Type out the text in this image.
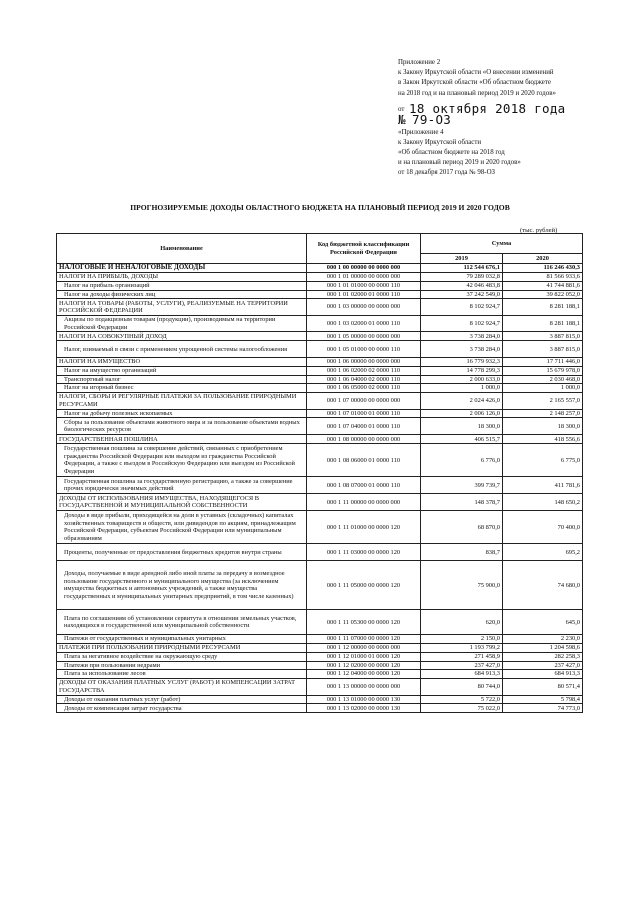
Приложение 2
к Закону Иркутской области «О внесении изменений
в Закон Иркутской области «Об областном бюджете
на 2018 год и на плановый период 2019 и 2020 годов»
от 18 октября 2018 года
№ 79-ОЗ
«Приложение 4
к Закону Иркутской области
«Об областном бюджете на 2018 год
и на плановый период 2019 и 2020 годов»
от 18 декабря 2017 года № 98-ОЗ
ПРОГНОЗИРУЕМЫЕ ДОХОДЫ ОБЛАСТНОГО БЮДЖЕТА НА ПЛАНОВЫЙ ПЕРИОД 2019 И 2020 ГОДОВ
(тыс. рублей)
Наименование	Код бюджетной классификации Российской Федерации	Сумма	
		2019	2020
НАЛОГОВЫЕ И НЕНАЛОГОВЫЕ ДОХОДЫ	000 1 00 00000 00 0000 000	112 544 676,1	116 246 430,3
НАЛОГИ НА ПРИБЫЛЬ, ДОХОДЫ	000 1 01 00000 00 0000 000	79 289 032,8	81 566 933,6
Налог на прибыль организаций	000 1 01 01000 00 0000 110	42 046 483,8	41 744 881,6
Налог на доходы физических лиц	000 1 01 02000 01 0000 110	37 242 549,0	39 822 052,0
НАЛОГИ НА ТОВАРЫ (РАБОТЫ, УСЛУГИ), РЕАЛИЗУЕМЫЕ НА ТЕРРИТОРИИ РОССИЙСКОЙ ФЕДЕРАЦИИ	000 1 03 00000 00 0000 000	8 102 924,7	8 281 188,1
Акцизы по подакцизным товарам (продукции), производимым на территории Российской Федерации	000 1 03 02000 01 0000 110	8 102 924,7	8 281 188,1
НАЛОГИ НА СОВОКУПНЫЙ ДОХОД	000 1 05 00000 00 0000 000	3 738 284,0	3 887 815,0
Налог, взимаемый в связи с применением упрощенной системы налогообложения	000 1 05 01000 00 0000 110	3 738 284,0	3 887 815,0
НАЛОГИ НА ИМУЩЕСТВО	000 1 06 00000 00 0000 000	16 779 932,3	17 711 446,0
Налог на имущество организаций	000 1 06 02000 02 0000 110	14 778 299,3	15 679 978,0
Транспортный налог	000 1 06 04000 02 0000 110	2 000 633,0	2 030 468,0
Налог на игорный бизнес	000 1 06 05000 02 0000 110	1 000,0	1 000,0
НАЛОГИ, СБОРЫ И РЕГУЛЯРНЫЕ ПЛАТЕЖИ ЗА ПОЛЬЗОВАНИЕ ПРИРОДНЫМИ РЕСУРСАМИ	000 1 07 00000 00 0000 000	2 024 426,0	2 165 557,0
Налог на добычу полезных ископаемых	000 1 07 01000 01 0000 110	2 006 126,0	2 148 257,0
Сборы за пользование объектами животного мира и за пользование объектами водных биологических ресурсов	000 1 07 04000 01 0000 110	18 300,0	18 300,0
ГОСУДАРСТВЕННАЯ ПОШЛИНА	000 1 08 00000 00 0000 000	406 515,7	418 556,6
Государственная пошлина за совершение действий, связанных с приобретением гражданства Российской Федерации или выходом из гражданства Российской Федерации, а также с въездом в Российскую Федерацию или выездом из Российской Федерации	000 1 08 06000 01 0000 110	6 776,0	6 775,0
Государственная пошлина за государственную регистрацию, а также за совершение прочих юридически значимых действий	000 1 08 07000 01 0000 110	399 739,7	411 781,6
ДОХОДЫ ОТ ИСПОЛЬЗОВАНИЯ ИМУЩЕСТВА, НАХОДЯЩЕГОСЯ В ГОСУДАРСТВЕННОЙ И МУНИЦИПАЛЬНОЙ СОБСТВЕННОСТИ	000 1 11 00000 00 0000 000	148 378,7	148 650,2
Доходы в виде прибыли, приходящейся на доли в уставных (складочных) капиталах хозяйственных товариществ и обществ, или дивидендов по акциям, принадлежащим Российской Федерации, субъектам Российской Федерации или муниципальным образованиям	000 1 11 01000 00 0000 120	68 870,0	70 400,0
Проценты, полученные от предоставления бюджетных кредитов внутри страны	000 1 11 03000 00 0000 120	838,7	695,2
Доходы, получаемые в виде арендной либо иной платы за передачу в возмездное пользование государственного и муниципального имущества (за исключением имущества бюджетных и автономных учреждений, а также имущества государственных и муниципальных унитарных предприятий, в том числе казенных)	000 1 11 05000 00 0000 120	75 900,0	74 680,0
Плата по соглашениям об установлении сервитута в отношении земельных участков, находящихся в государственной или муниципальной собственности	000 1 11 05300 00 0000 120	620,0	645,0
Платежи от государственных и муниципальных унитарных	000 1 11 07000 00 0000 120	2 150,0	2 230,0
ПЛАТЕЖИ ПРИ ПОЛЬЗОВАНИИ ПРИРОДНЫМИ РЕСУРСАМИ	000 1 12 00000 00 0000 000	1 193 799,2	1 204 598,6
Плата за негативное воздействие на окружающую среду	000 1 12 01000 01 0000 120	271 458,9	282 258,3
Платежи при пользовании недрами	000 1 12 02000 00 0000 120	237 427,0	237 427,0
Плата за использование лесов	000 1 12 04000 00 0000 120	684 913,3	684 913,3
ДОХОДЫ ОТ ОКАЗАНИЯ ПЛАТНЫХ УСЛУГ (РАБОТ) И КОМПЕНСАЦИИ ЗАТРАТ ГОСУДАРСТВА	000 1 13 00000 00 0000 000	80 744,0	80 571,4
Доходы от оказания платных услуг (работ)	000 1 13 01000 00 0000 130	5 722,0	5 798,4
Доходы от компенсации затрат государства	000 1 13 02000 00 0000 130	75 022,0	74 773,0
